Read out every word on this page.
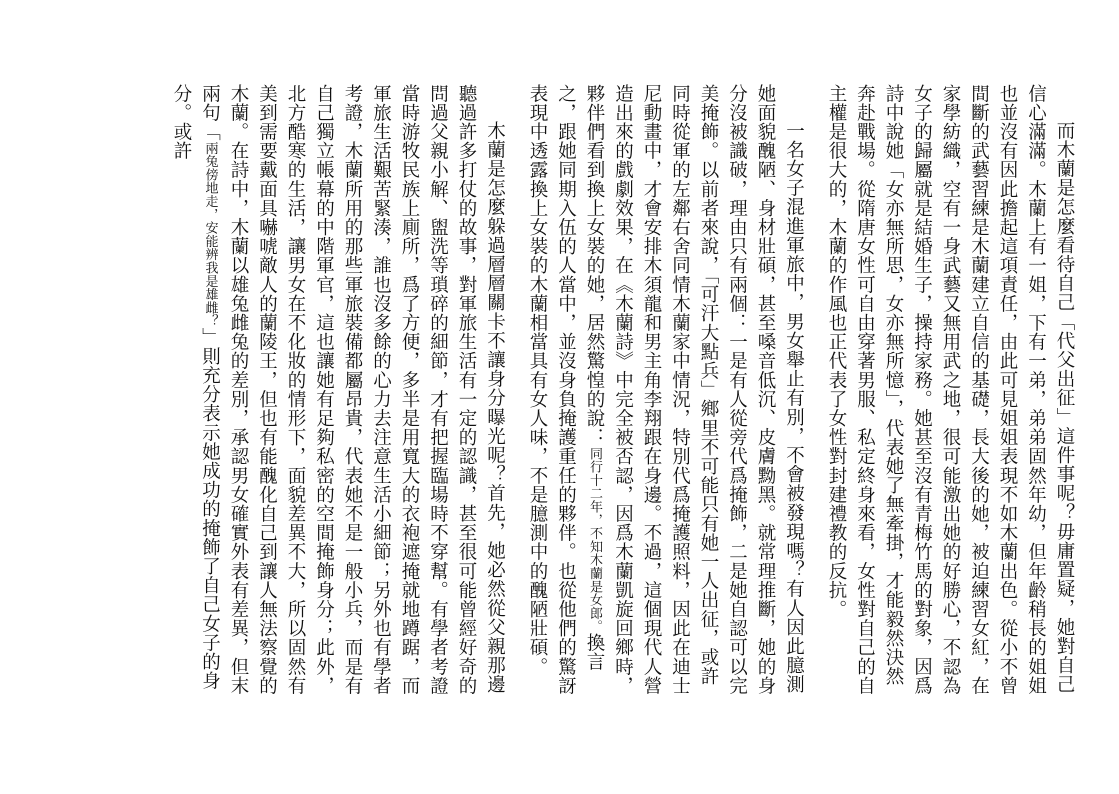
而木蘭是怎麼看待自己「代父出征」這件事呢？毋庸置疑，她對自己信心滿滿。木蘭上有一姐，下有一弟，弟弟固然年幼，但年齡稍長的姐姐也並沒有因此擔起這項責任，由此可見姐姐表現不如木蘭出色。從小不曾間斷的武藝習練是木蘭建立自信的基礎，長大後的她，被迫練習女紅，在家學紡織，空有一身武藝又無用武之地，很可能激出她的好勝心，不認為女子的歸屬就是結婚生子，操持家務。她甚至沒有青梅竹馬的對象，因爲詩中說她「女亦無所思，女亦無所憶」，代表她了無牽掛，才能毅然決然奔赴戰場。從隋唐女性可自由穿著男服、私定終身來看，女性對自己的自主權是很大的，木蘭的作風也正代表了女性對封建禮教的反抗。

一名女子混進軍旅中，男女舉止有別，不會被發現嗎？有人因此臆測她面貌醜陋、身材壯碩，甚至嗓音低沉、皮膚黝黑。就常理推斷，她的身分沒被識破，理由只有兩個：一是有人從旁代爲掩飾，二是她自認可以完美掩飾。以前者來說，「可汗大點兵」鄉里不可能只有她一人出征，或許同時從軍的左鄰右舍同情木蘭家中情況，特別代爲掩護照料，因此在迪士尼動畫中，才會安排木須龍和男主角李翔跟在身邊。不過，這個現代人營造出來的戲劇效果，在《木蘭詩》中完全被否認，因爲木蘭凱旋回鄉時，夥伴們看到換上女裝的她，居然驚惶的說：同行十二年，不知木蘭是女郎。換言之，跟她同期入伍的人當中，並沒身負掩護重任的夥伴。也從他們的驚訝表現中透露換上女裝的木蘭相當具有女人味，不是臆測中的醜陋壯碩。

木蘭是怎麼躲過層層關卡不讓身分曝光呢？首先，她必然從父親那邊聽過許多打仗的故事，對軍旅生活有一定的認識，甚至很可能曾經好奇的問過父親小解、盥洗等瑣碎的細節，才有把握臨場時不穿幫。有學者考證當時游牧民族上廁所，爲了方便，多半是用寬大的衣袍遮掩就地蹲踞，而軍旅生活艱苦緊湊，誰也沒多餘的心力去注意生活小細節；另外也有學者考證，木蘭所用的那些軍旅裝備都屬昂貴，代表她不是一般小兵，而是有自己獨立帳幕的中階軍官，這也讓她有足夠私密的空間掩飾身分；此外，北方酷寒的生活，讓男女在不化妝的情形下，面貌差異不大，所以固然有美到需要戴面具嚇唬敵人的蘭陵王，但也有能醜化自己到讓人無法察覺的木蘭。在詩中，木蘭以雄兔雌兔的差別，承認男女確實外表有差異，但末兩句「兩兔傍地走，安能辨我是雄雌？」則充分表示她成功的掩飾了自己女子的身分。或許
